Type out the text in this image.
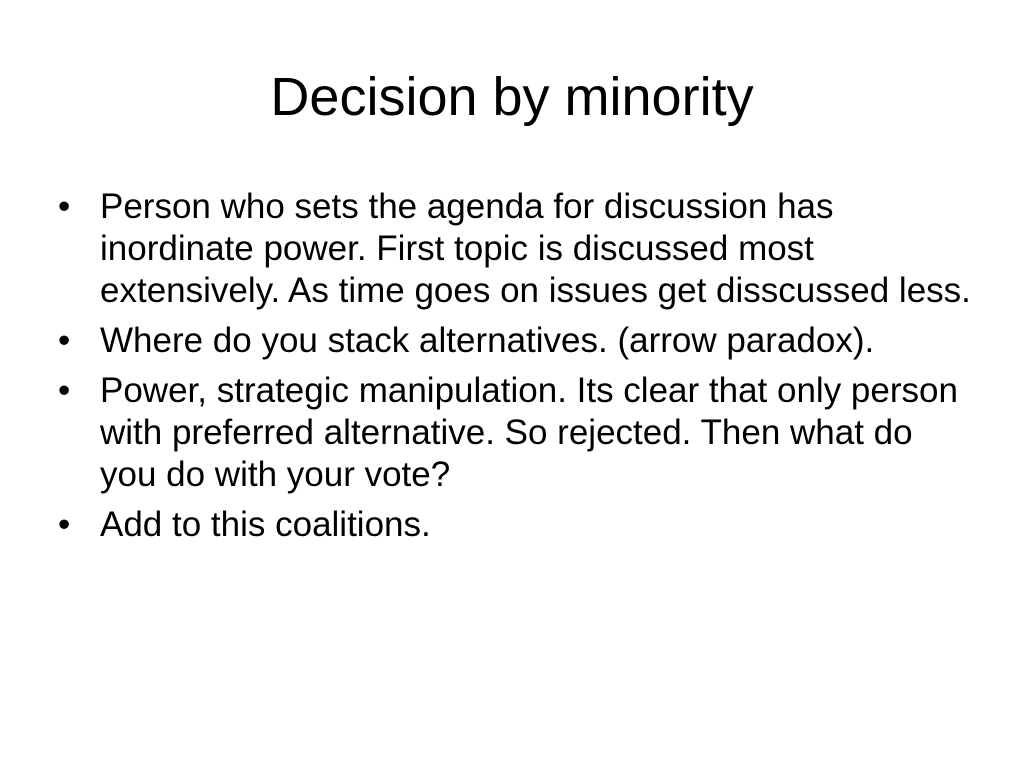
Decision by minority
• Person who sets the agenda for discussion has inordinate power. First topic is discussed most extensively. As time goes on issues get disscussed less.
• Where do you stack alternatives. (arrow paradox).
• Power, strategic manipulation. Its clear that only person with preferred alternative. So rejected. Then what do you do with your vote?
• Add to this coalitions.
